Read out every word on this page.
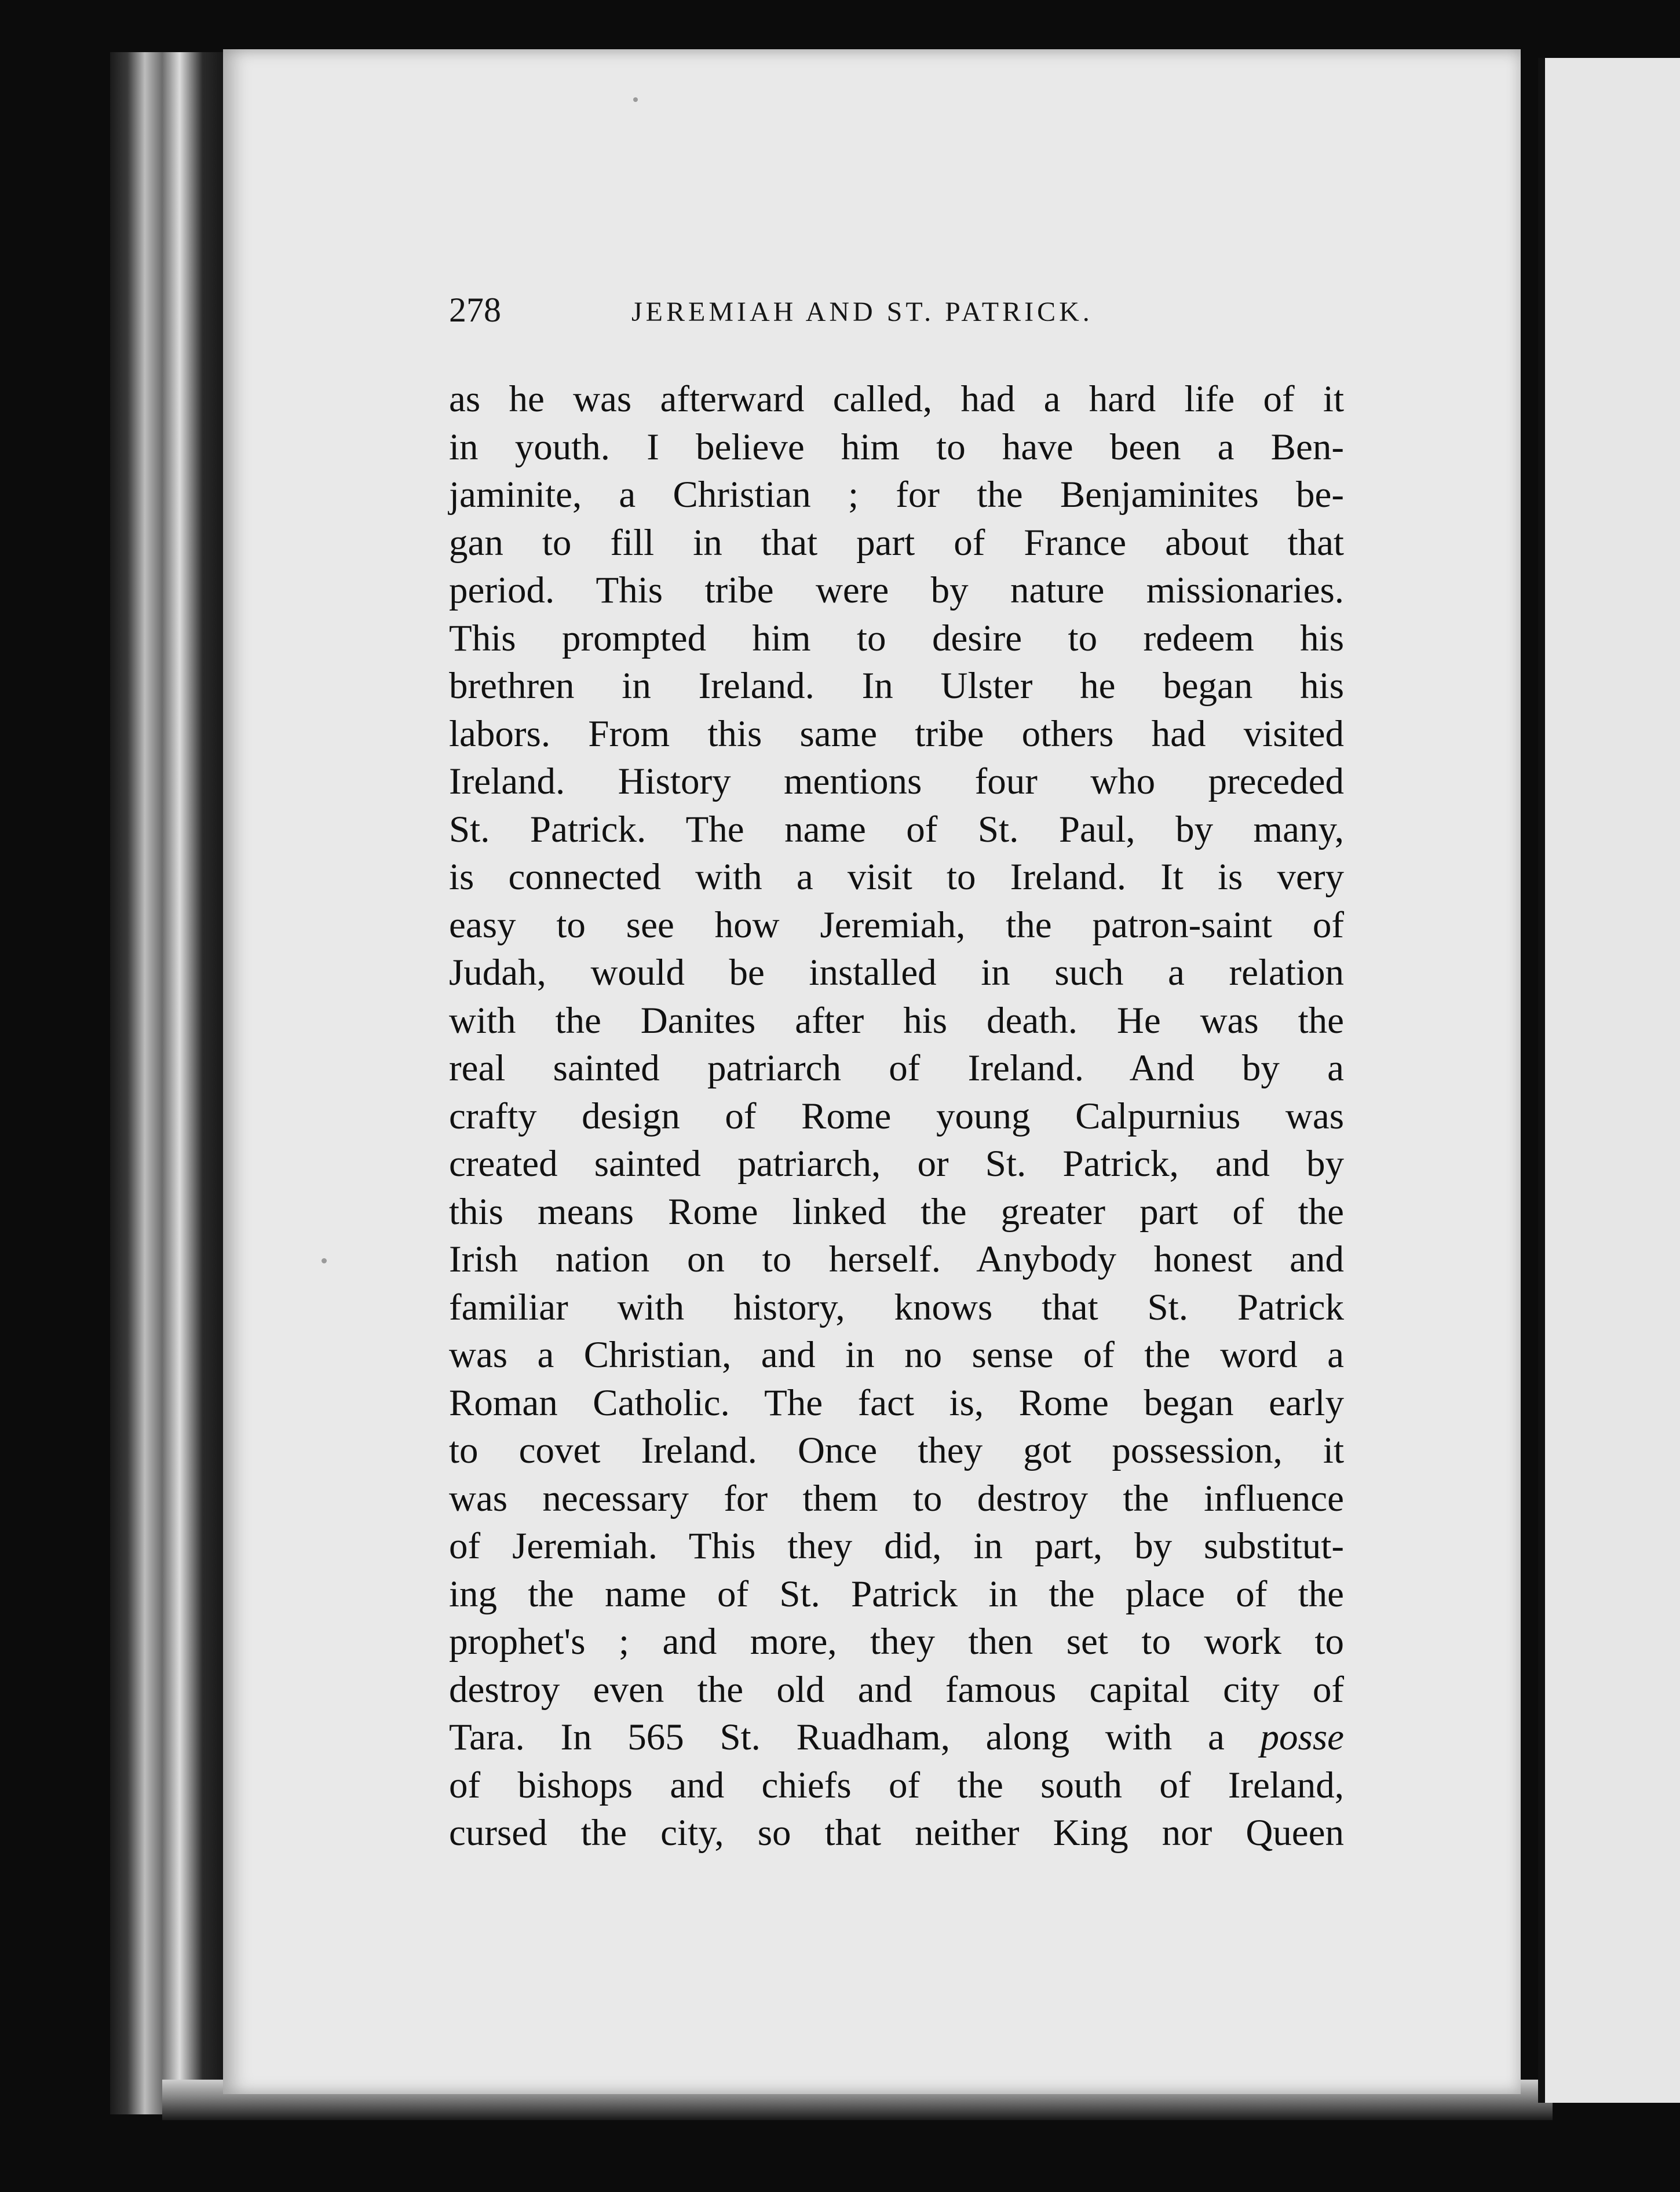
278	JEREMIAH AND ST. PATRICK.
as he was afterward called, had a hard life of it
in youth. I believe him to have been a Ben-
jaminite, a Christian ; for the Benjaminites be-
gan to fill in that part of France about that
period. This tribe were by nature missionaries.
This prompted him to desire to redeem his
brethren in Ireland. In Ulster he began his
labors. From this same tribe others had visited
Ireland. History mentions four who preceded
St. Patrick. The name of St. Paul, by many,
is connected with a visit to Ireland. It is very
easy to see how Jeremiah, the patron-saint of
Judah, would be installed in such a relation
with the Danites after his death. He was the
real sainted patriarch of Ireland. And by a
crafty design of Rome young Calpurnius was
created sainted patriarch, or St. Patrick, and by
this means Rome linked the greater part of the
Irish nation on to herself. Anybody honest and
familiar with history, knows that St. Patrick
was a Christian, and in no sense of the word a
Roman Catholic. The fact is, Rome began early
to covet Ireland. Once they got possession, it
was necessary for them to destroy the influence
of Jeremiah. This they did, in part, by substitut-
ing the name of St. Patrick in the place of the
prophet's ; and more, they then set to work to
destroy even the old and famous capital city of
Tara. In 565 St. Ruadham, along with a posse
of bishops and chiefs of the south of Ireland,
cursed the city, so that neither King nor Queen
